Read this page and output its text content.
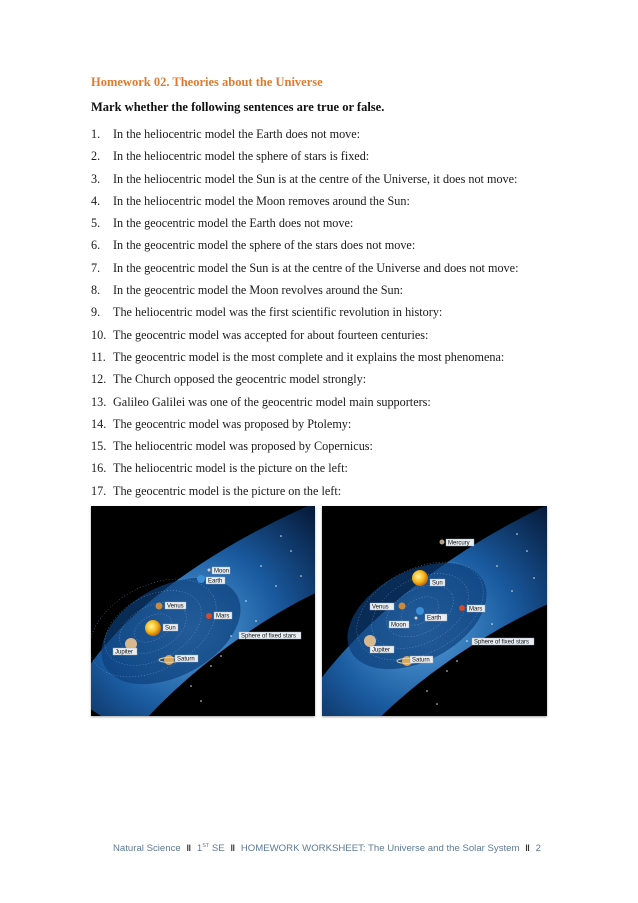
Homework 02. Theories about the Universe
Mark whether the following sentences are true or false.
1. In the heliocentric model the Earth does not move:
2. In the heliocentric model the sphere of stars is fixed:
3. In the heliocentric model the Sun is at the centre of the Universe, it does not move:
4. In the heliocentric model the Moon removes around the Sun:
5. In the geocentric model the Earth does not move:
6. In the geocentric model the sphere of the stars does not move:
7. In the geocentric model the Sun is at the centre of the Universe and does not move:
8. In the geocentric model the Moon revolves around the Sun:
9. The heliocentric model was the first scientific revolution in history:
10. The geocentric model was accepted for about fourteen centuries:
11. The geocentric model is the most complete and it explains the most phenomena:
12. The Church opposed the geocentric model strongly:
13. Galileo Galilei was one of the geocentric model main supporters:
14. The geocentric model was proposed by Ptolemy:
15. The heliocentric model was proposed by Copernicus:
16. The heliocentric model is the picture on the left:
17. The geocentric model is the picture on the left:
Moon
Earth
Venus
Mars
Sun
Jupiter
Saturn
Sphere of fixed stars
Mercury
Sun
Venus	Mars
Earth
Moon
Jupiter
Saturn
Sphere of fixed stars
Natural Science ‖ 1ST SE ‖ HOMEWORK WORKSHEET: The Universe and the Solar System ‖ 2
